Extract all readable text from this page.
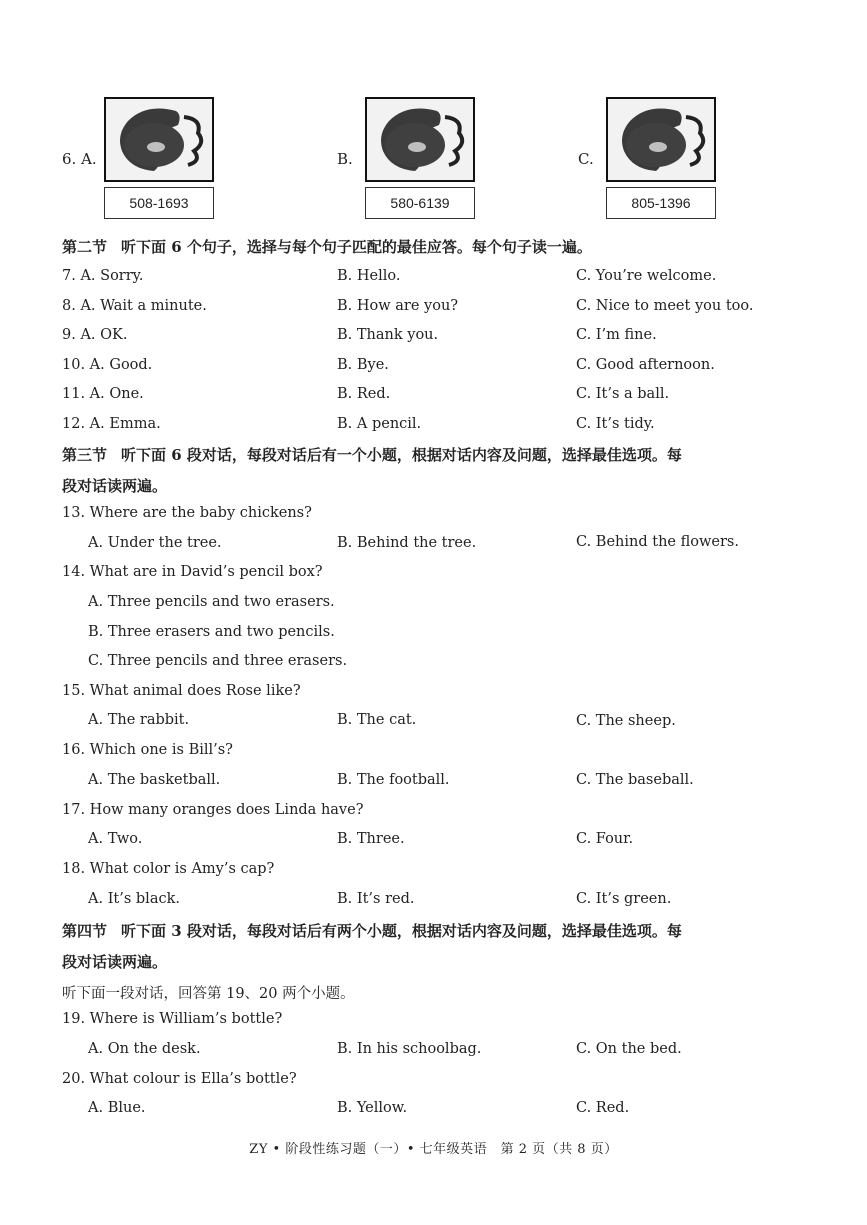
6. A.
508-1693
B.
580-6139
C.
805-1396
第二节 听下面 6 个句子，选择与每个句子匹配的最佳应答。每个句子读一遍。
7. A. Sorry.	B. Hello.	C. You’re welcome.
8. A. Wait a minute.	B. How are you?	C. Nice to meet you too.
9. A. OK.	B. Thank you.	C. I’m fine.
10. A. Good.	B. Bye.	C. Good afternoon.
11. A. One.	B. Red.	C. It’s a ball.
12. A. Emma.	B. A pencil.	C. It’s tidy.
第三节 听下面 6 段对话，每段对话后有一个小题，根据对话内容及问题，选择最佳选项。每
段对话读两遍。
13. Where are the baby chickens?
A. Under the tree.	B. Behind the tree.	C. Behind the flowers.
14. What are in David’s pencil box?
A. Three pencils and two erasers.
B. Three erasers and two pencils.
C. Three pencils and three erasers.
15. What animal does Rose like?
A. The rabbit.	B. The cat.	C. The sheep.
16. Which one is Bill’s?
A. The basketball.	B. The football.	C. The baseball.
17. How many oranges does Linda have?
A. Two.	B. Three.	C. Four.
18. What color is Amy’s cap?
A. It’s black.	B. It’s red.	C. It’s green.
第四节 听下面 3 段对话，每段对话后有两个小题，根据对话内容及问题，选择最佳选项。每
段对话读两遍。
听下面一段对话，回答第 19、20 两个小题。
19. Where is William’s bottle?
A. On the desk.	B. In his schoolbag.	C. On the bed.
20. What colour is Ella’s bottle?
A. Blue.	B. Yellow.	C. Red.
ZY • 阶段性练习题（一）• 七年级英语　第 2 页（共 8 页）
